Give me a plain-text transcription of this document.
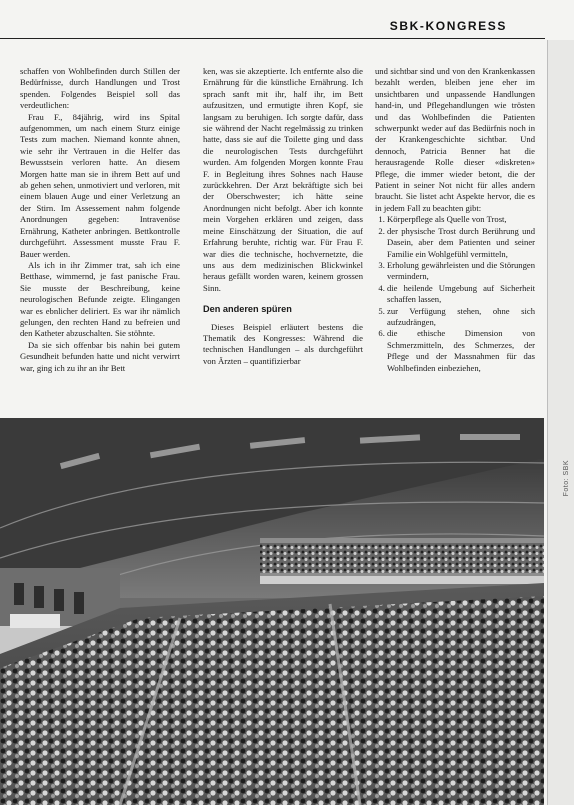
SBK-KONGRESS
Foto: SBK

schaffen von Wohlbefinden durch Stillen der Bedürfnisse, durch Handlungen und Trost spenden. Folgendes Beispiel soll das verdeutlichen:

Frau F., 84jährig, wird ins Spital aufgenommen, um nach einem Sturz einige Tests zum machen. Niemand konnte ahnen, wie sehr ihr Vertrauen in die Helfer das Bewusstsein verloren hatte. An diesem Morgen hatte man sie in ihrem Bett auf und ab gehen sehen, unmotiviert und verloren, mit einem blauen Auge und einer Verletzung an der Stirn. Im Assessement nahm folgende Anordnungen gegeben: Intravenöse Ernährung, Katheter anbringen. Bettkontrolle durchgeführt. Assessment musste Frau F. Bauer werden.

Als ich in ihr Zimmer trat, sah ich eine Betthase, wimmernd, je fast panische Frau. Sie musste der Beschreibung, keine neurologischen Befunde zeigte. Elingangen war es ebnlicher deliriert. Es war ihr nämlich gelungen, den rechten Hand zu befreien und den Katheter abzuschalten. Sie stöhnte.

Da sie sich offenbar bis nahin bei gutem Gesundheit befunden hatte und nicht verwirrt war, ging ich zu ihr an ihr Bett

ken, was sie akzeptierte. Ich entfernte also die Ernährung für die künstliche Ernährung. Ich sprach sanft mit ihr, half ihr, im Bett aufzusitzen, und ermutigte ihren Kopf, sie langsam zu beruhigen. Ich sorgte dafür, dass sie während der Nacht regelmässig zu trinken hatte, dass sie auf die Toilette ging und dass die neurologischen Tests durchgeführt wurden. Am folgenden Morgen konnte Frau F. in Begleitung ihres Sohnes nach Hause zurückkehren. Der Arzt bekräftigte sich bei der Oberschwester; ich hätte seine Anordnungen nicht befolgt. Aber ich konnte mein Vorgehen erklären und zeigen, dass meine Einschätzung der Situation, die auf Erfahrung beruhte, richtig war. Für Frau F. war dies die technische, hochvernetzte, die uns aus dem medizinischen Blickwinkel heraus gefällt worden waren, keinem grossen Sinn.

Den anderen spüren

Dieses Beispiel erläutert bestens die Thematik des Kongresses: Während die technischen Handlungen – als durchgeführt von Ärzten – quantifizierbar

und sichtbar sind und von den Krankenkassen bezahlt werden, bleiben jene eher im unsichtbaren und unpassende Handlungen hand-in, und Pflegehandlungen wie trösten und das Wohlbefinden die Patienten schwerpunkt weder auf das Bedürfnis noch in der Krankengeschichte sichtbar. Und dennoch, Patricia Benner hat die herausragende Rolle dieser «diskreten» Pflege, die immer wieder betont, die der Patient in seiner Not nicht für alles andern braucht. Sie listet acht Aspekte hervor, die es in jedem Fall zu beachten gibt:

1. Körperpflege als Quelle von Trost,
2. der physische Trost durch Berührung und Dasein, aber dem Patienten und seiner Familie ein Wohlgefühl vermitteln,
3. Erholung gewährleisten und die Störungen vermindern,
4. die heilende Umgebung auf Sicherheit schaffen lassen,
5. zur Verfügung stehen, ohne sich aufzudrängen,
6. die ethische Dimension von Schmerzmitteln, des Schmerzes, der Pflege und der Massnahmen für das Wohlbefinden einbeziehen,
